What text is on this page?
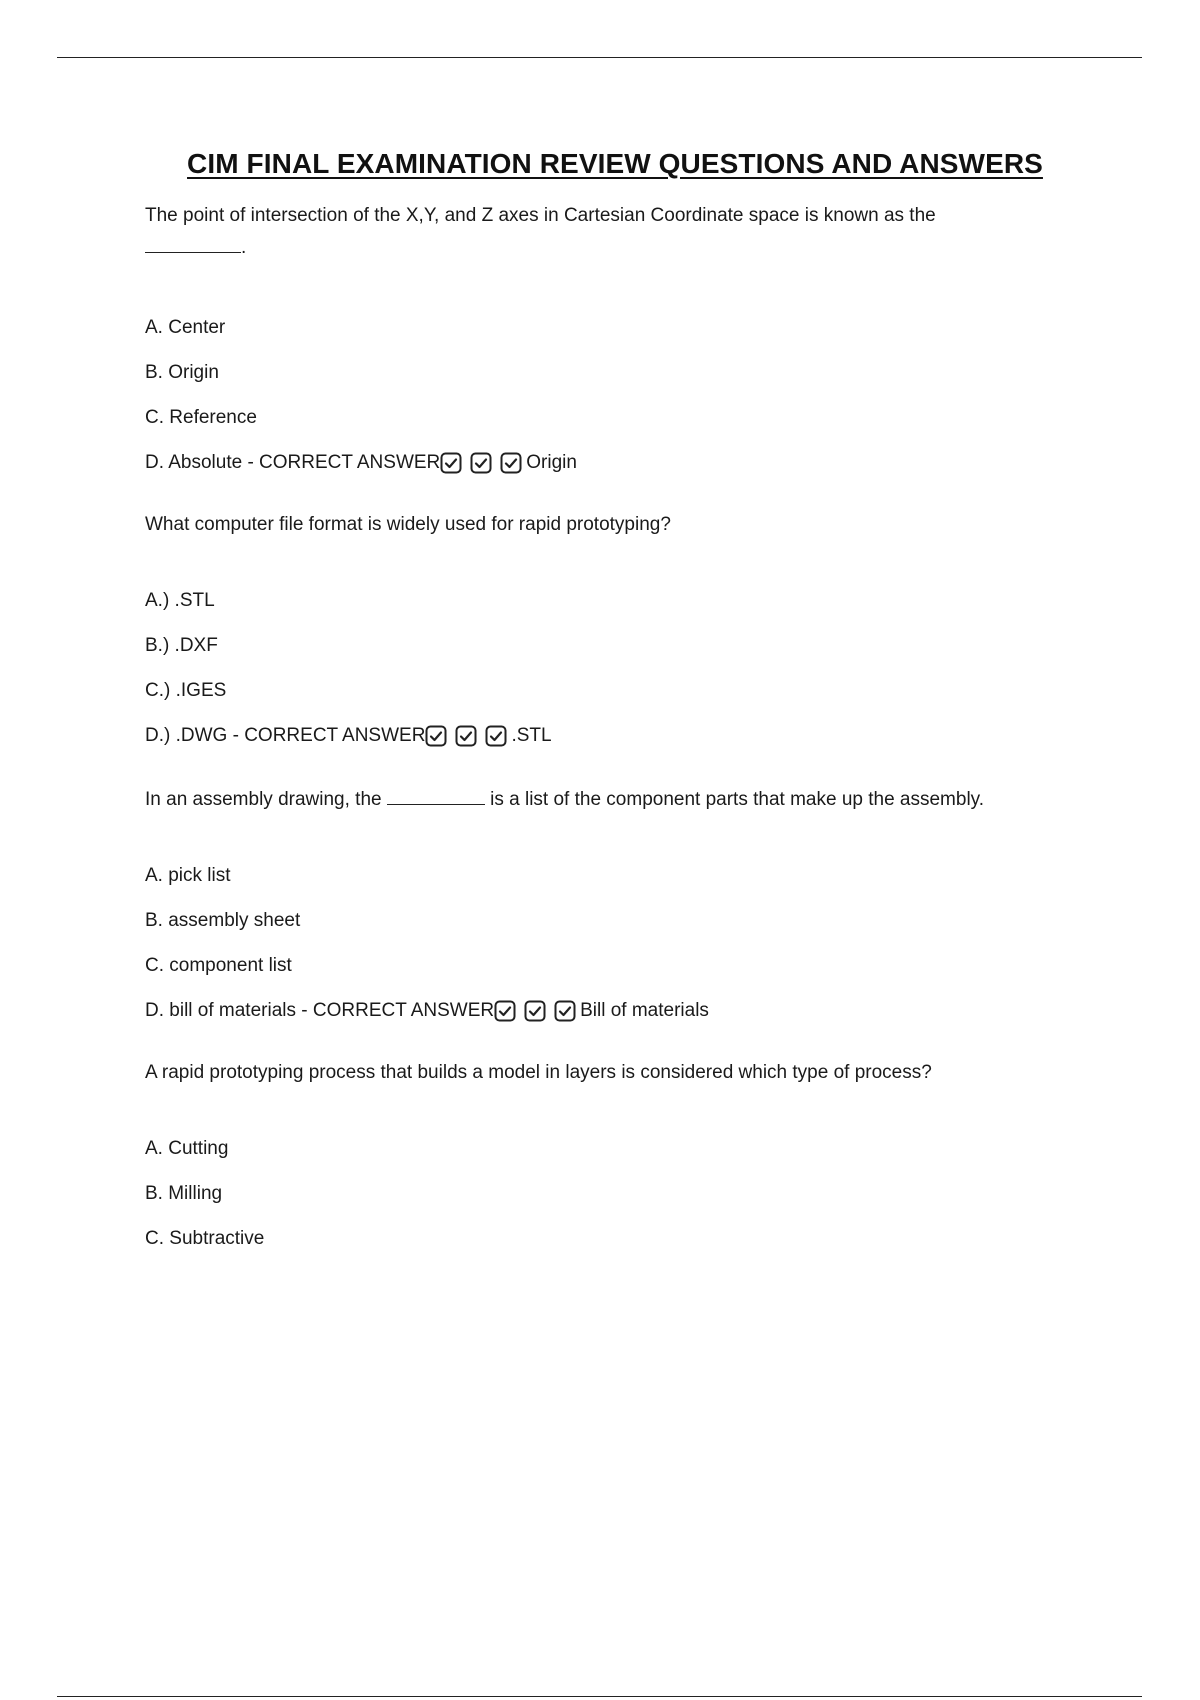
CIM FINAL EXAMINATION REVIEW QUESTIONS AND ANSWERS

The point of intersection of the X,Y, and Z axes in Cartesian Coordinate space is known as the
.

A. Center
B. Origin
C. Reference
D. Absolute - CORRECT ANSWER	Origin

What computer file format is widely used for rapid prototyping?

A.) .STL
B.) .DXF
C.) .IGES
D.) .DWG - CORRECT ANSWER	.STL

In an assembly drawing, the	is a list of the component parts that make up the assembly.

A. pick list
B. assembly sheet
C. component list
D. bill of materials - CORRECT ANSWER	Bill of materials

A rapid prototyping process that builds a model in layers is considered which type of process?

A. Cutting
B. Milling
C. Subtractive
